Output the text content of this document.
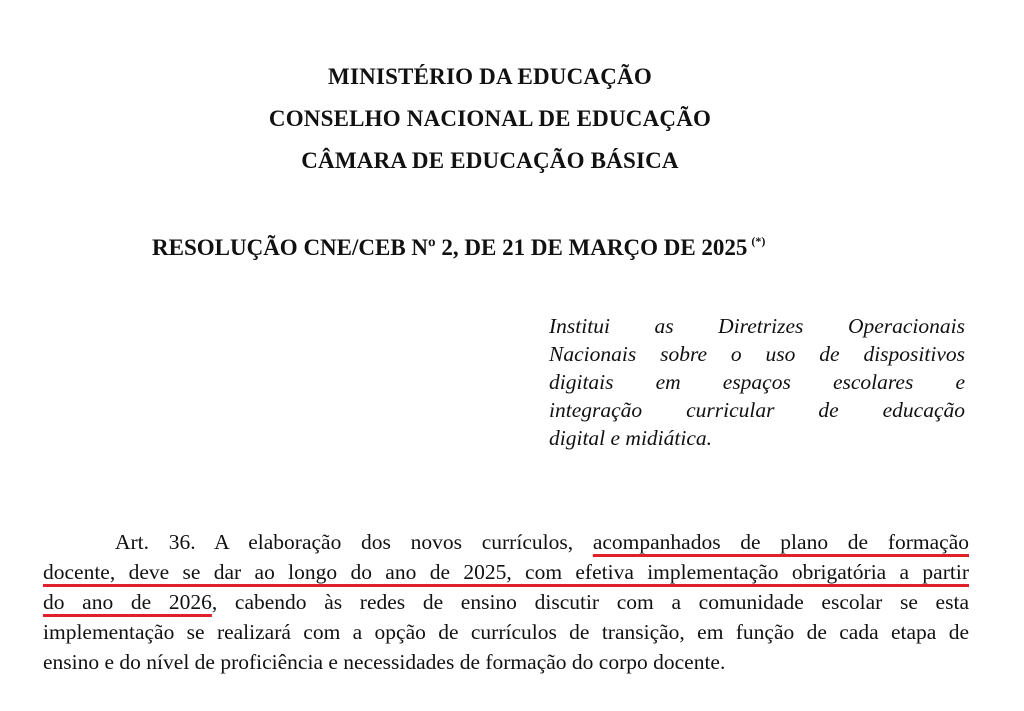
MINISTÉRIO DA EDUCAÇÃO
CONSELHO NACIONAL DE EDUCAÇÃO
CÂMARA DE EDUCAÇÃO BÁSICA
RESOLUÇÃO CNE/CEB Nº 2, DE 21 DE MARÇO DE 2025 (*)
Institui as Diretrizes Operacionais
Nacionais sobre o uso de dispositivos
digitais em espaços escolares e
integração curricular de educação
digital e midiática.
Art. 36. A elaboração dos novos currículos, acompanhados de plano de formação
docente, deve se dar ao longo do ano de 2025, com efetiva implementação obrigatória a partir
do ano de 2026, cabendo às redes de ensino discutir com a comunidade escolar se esta
implementação se realizará com a opção de currículos de transição, em função de cada etapa de
ensino e do nível de proficiência e necessidades de formação do corpo docente.
